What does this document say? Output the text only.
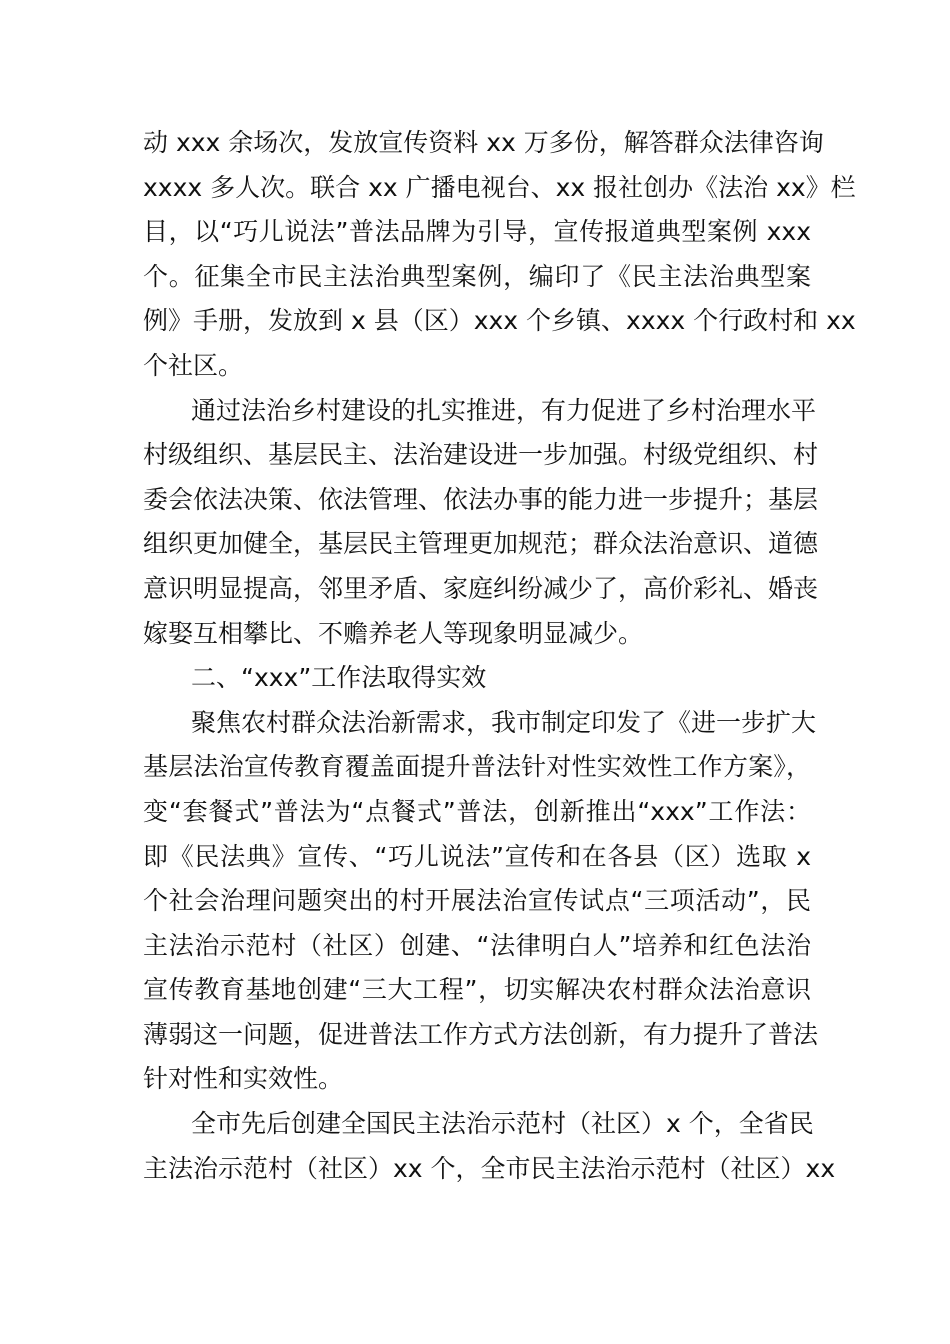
动 xxx 余场次，发放宣传资料 xx 万多份，解答群众法律咨询
xxxx 多人次。联合 xx 广播电视台、xx 报社创办《法治 xx》栏
目，以“巧儿说法”普法品牌为引导，宣传报道典型案例 xxx
个。征集全市民主法治典型案例，编印了《民主法治典型案
例》手册，发放到 x 县（区）xxx 个乡镇、xxxx 个行政村和 xx
个社区。
通过法治乡村建设的扎实推进，有力促进了乡村治理水平
村级组织、基层民主、法治建设进一步加强。村级党组织、村
委会依法决策、依法管理、依法办事的能力进一步提升；基层
组织更加健全，基层民主管理更加规范；群众法治意识、道德
意识明显提高，邻里矛盾、家庭纠纷减少了，高价彩礼、婚丧
嫁娶互相攀比、不赡养老人等现象明显减少。
二、“xxx”工作法取得实效
聚焦农村群众法治新需求，我市制定印发了《进一步扩大
基层法治宣传教育覆盖面提升普法针对性实效性工作方案》，
变“套餐式”普法为“点餐式”普法，创新推出“xxx”工作法：
即《民法典》宣传、“巧儿说法”宣传和在各县（区）选取 x
个社会治理问题突出的村开展法治宣传试点“三项活动”，民
主法治示范村（社区）创建、“法律明白人”培养和红色法治
宣传教育基地创建“三大工程”，切实解决农村群众法治意识
薄弱这一问题，促进普法工作方式方法创新，有力提升了普法
针对性和实效性。
全市先后创建全国民主法治示范村（社区）x 个，全省民
主法治示范村（社区）xx 个，全市民主法治示范村（社区）xx
